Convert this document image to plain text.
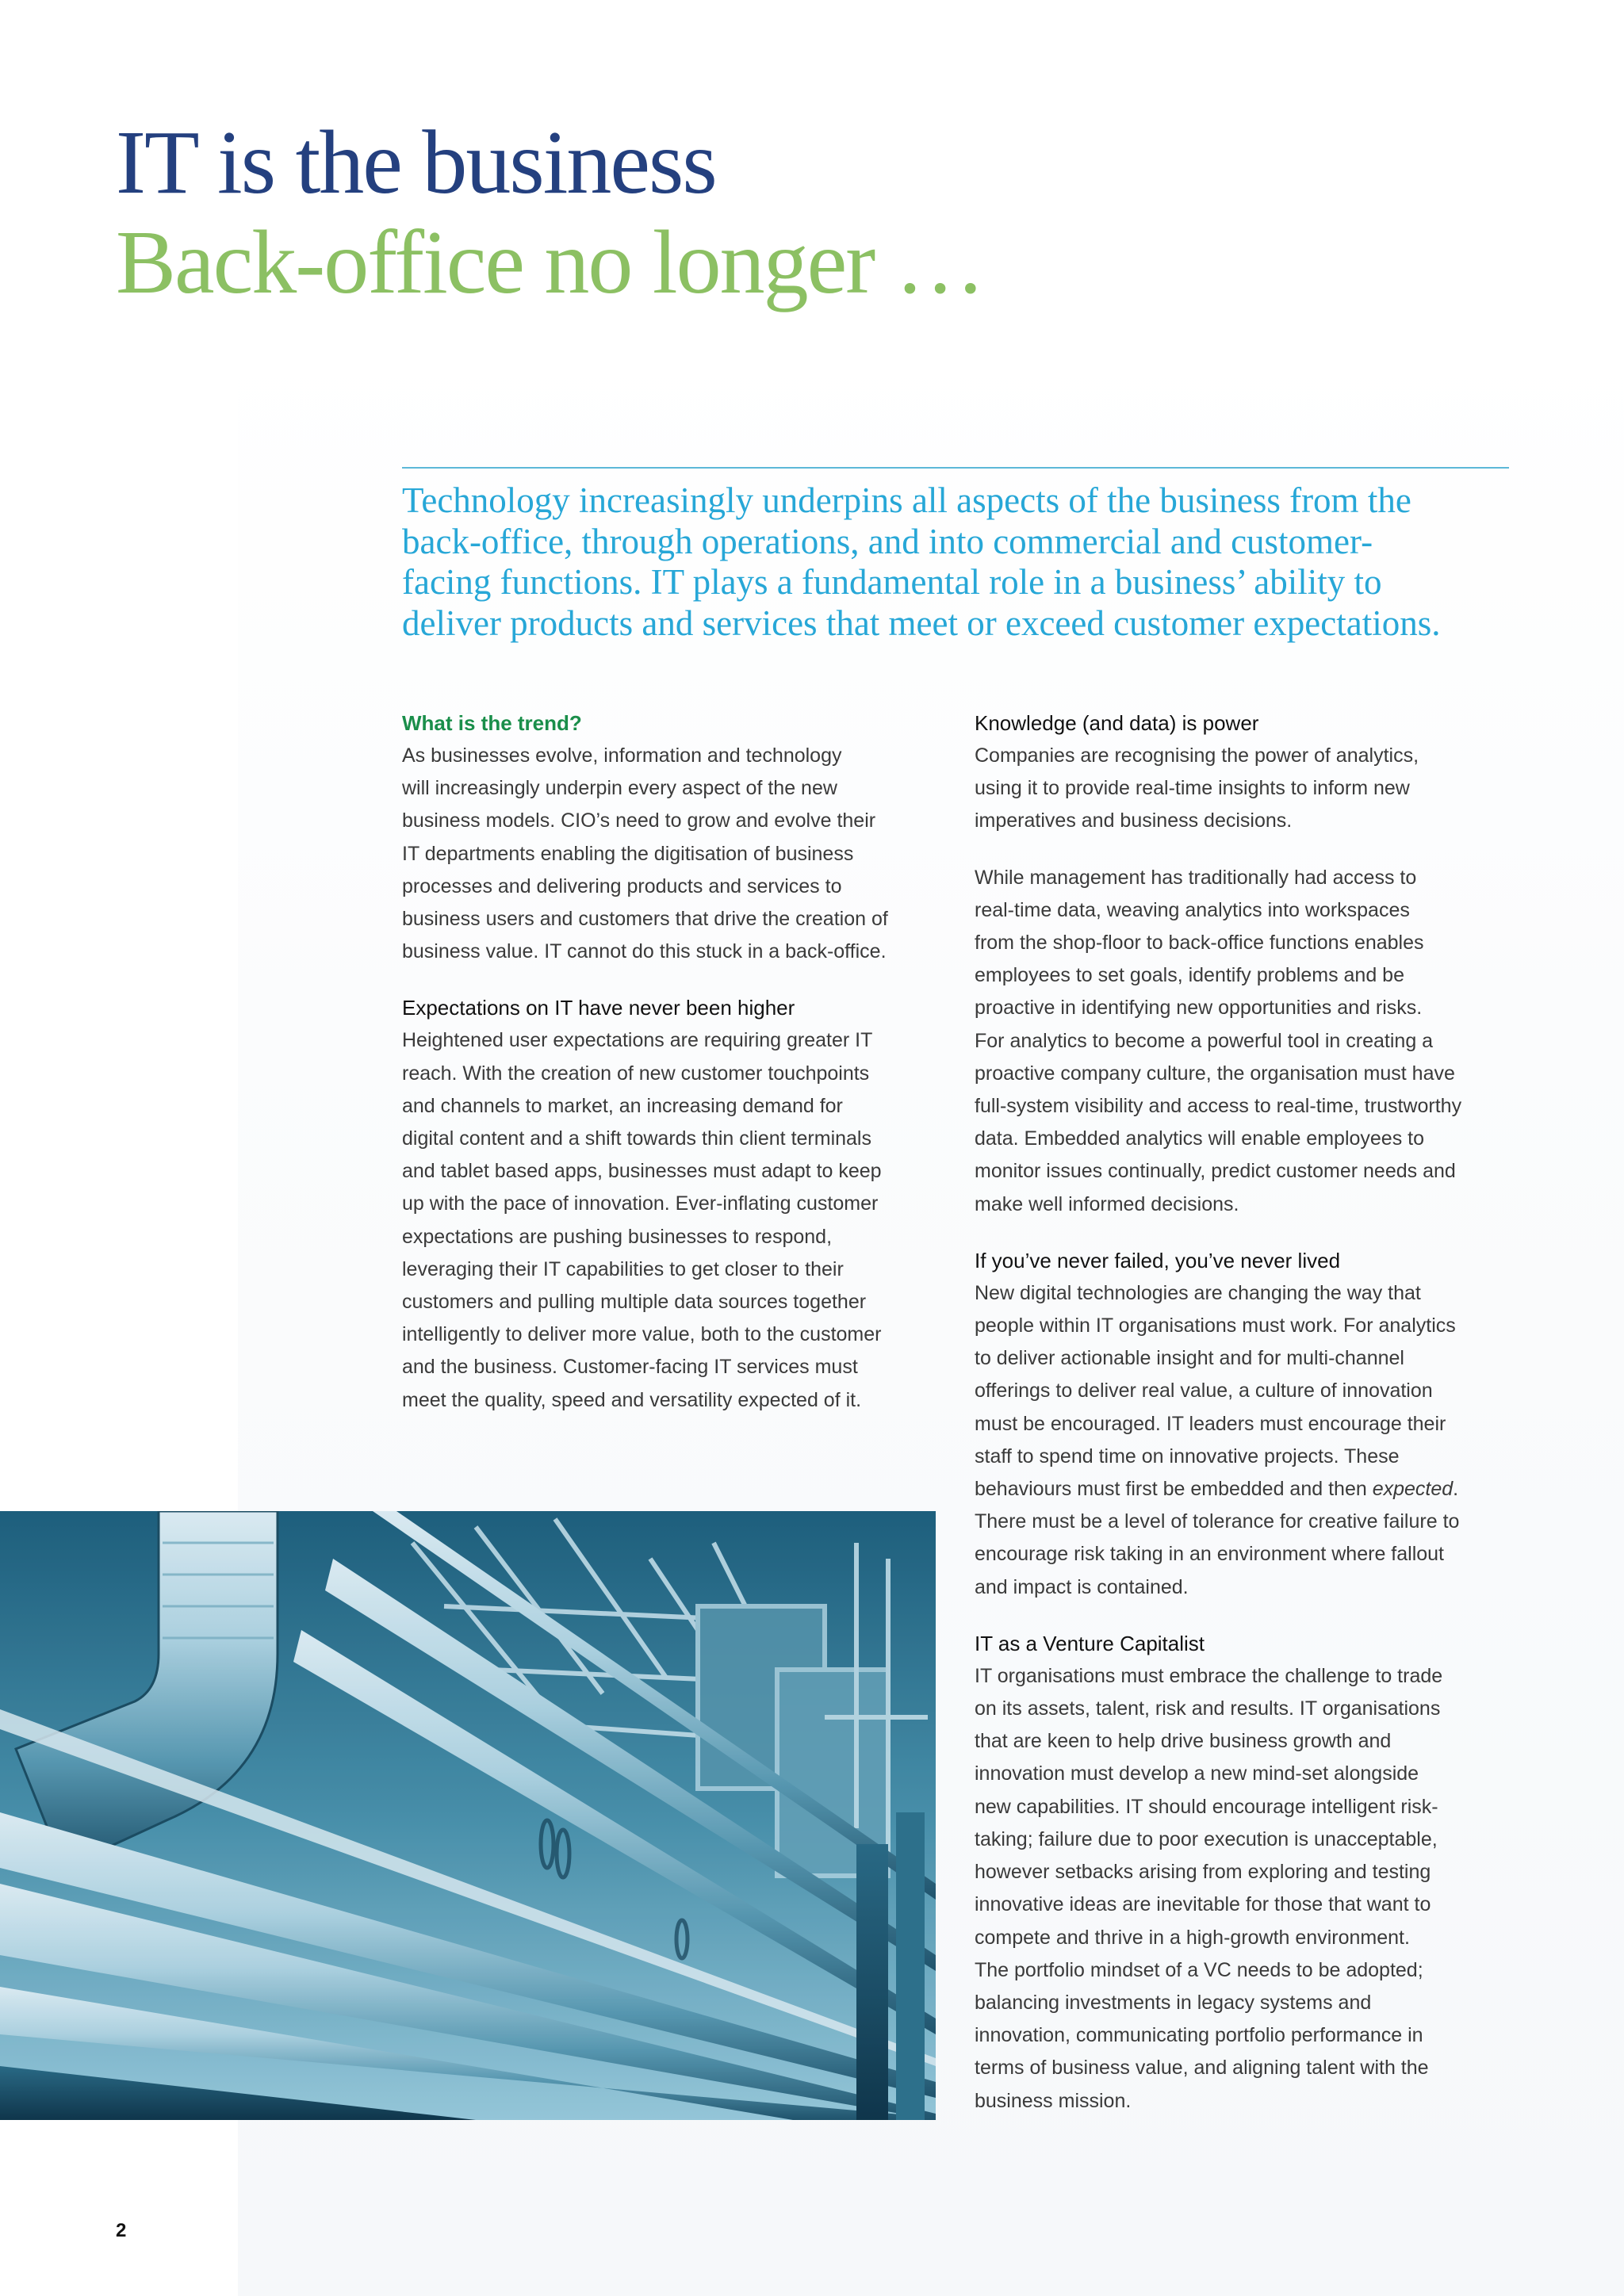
IT is the business
Back-office no longer …

Technology increasingly underpins all aspects of the business from the
back-office, through operations, and into commercial and customer-
facing functions. IT plays a fundamental role in a business’ ability to
deliver products and services that meet or exceed customer expectations.

What is the trend?
As businesses evolve, information and technology
will increasingly underpin every aspect of the new
business models. CIO’s need to grow and evolve their
IT departments enabling the digitisation of business
processes and delivering products and services to
business users and customers that drive the creation of
business value. IT cannot do this stuck in a back-office.
Expectations on IT have never been higher
Heightened user expectations are requiring greater IT
reach. With the creation of new customer touchpoints
and channels to market, an increasing demand for
digital content and a shift towards thin client terminals
and tablet based apps, businesses must adapt to keep
up with the pace of innovation. Ever-inflating customer
expectations are pushing businesses to respond,
leveraging their IT capabilities to get closer to their
customers and pulling multiple data sources together
intelligently to deliver more value, both to the customer
and the business. Customer-facing IT services must
meet the quality, speed and versatility expected of it.
Knowledge (and data) is power
Companies are recognising the power of analytics,
using it to provide real-time insights to inform new
imperatives and business decisions.
While management has traditionally had access to
real-time data, weaving analytics into workspaces
from the shop-floor to back-office functions enables
employees to set goals, identify problems and be
proactive in identifying new opportunities and risks.
For analytics to become a powerful tool in creating a
proactive company culture, the organisation must have
full-system visibility and access to real-time, trustworthy
data. Embedded analytics will enable employees to
monitor issues continually, predict customer needs and
make well informed decisions.
If you’ve never failed, you’ve never lived
New digital technologies are changing the way that
people within IT organisations must work. For analytics
to deliver actionable insight and for multi-channel
offerings to deliver real value, a culture of innovation
must be encouraged. IT leaders must encourage their
staff to spend time on innovative projects. These
behaviours must first be embedded and then expected.
There must be a level of tolerance for creative failure to
encourage risk taking in an environment where fallout
and impact is contained.
IT as a Venture Capitalist
IT organisations must embrace the challenge to trade
on its assets, talent, risk and results. IT organisations
that are keen to help drive business growth and
innovation must develop a new mind-set alongside
new capabilities. IT should encourage intelligent risk-
taking; failure due to poor execution is unacceptable,
however setbacks arising from exploring and testing
innovative ideas are inevitable for those that want to
compete and thrive in a high-growth environment.
The portfolio mindset of a VC needs to be adopted;
balancing investments in legacy systems and
innovation, communicating portfolio performance in
terms of business value, and aligning talent with the
business mission.
2
